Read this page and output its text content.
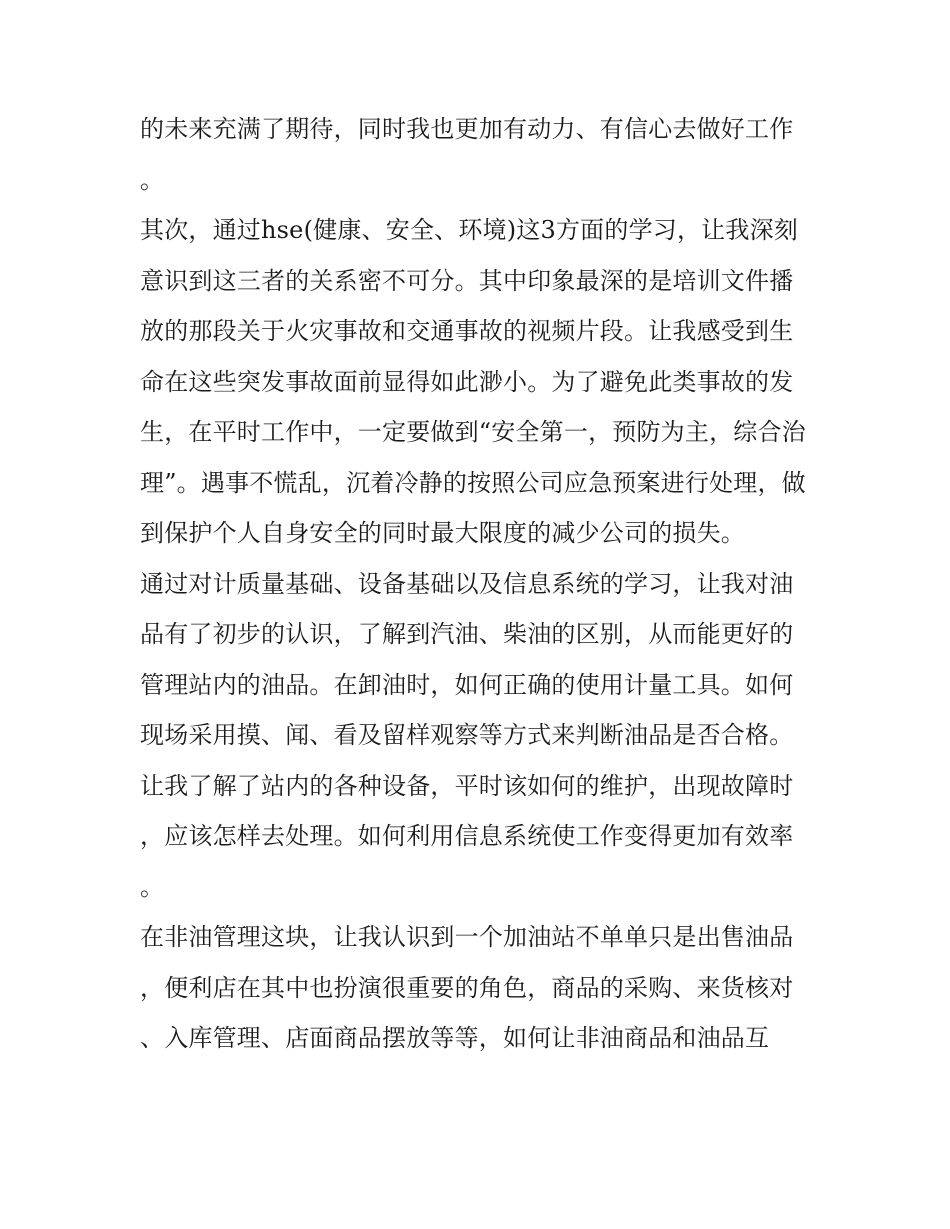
的未来充满了期待，同时我也更加有动力、有信心去做好工作。

其次，通过hse(健康、安全、环境)这3方面的学习，让我深刻意识到这三者的关系密不可分。其中印象最深的是培训文件播放的那段关于火灾事故和交通事故的视频片段。让我感受到生命在这些突发事故面前显得如此渺小。为了避免此类事故的发生，在平时工作中，一定要做到“安全第一，预防为主，综合治理”。遇事不慌乱，沉着冷静的按照公司应急预案进行处理，做到保护个人自身安全的同时最大限度的减少公司的损失。

通过对计质量基础、设备基础以及信息系统的学习，让我对油品有了初步的认识，了解到汽油、柴油的区别，从而能更好的管理站内的油品。在卸油时，如何正确的使用计量工具。如何现场采用摸、闻、看及留样观察等方式来判断油品是否合格。让我了解了站内的各种设备，平时该如何的维护，出现故障时，应该怎样去处理。如何利用信息系统使工作变得更加有效率。

在非油管理这块，让我认识到一个加油站不单单只是出售油品，便利店在其中也扮演很重要的角色，商品的采购、来货核对、入库管理、店面商品摆放等等，如何让非油商品和油品互
